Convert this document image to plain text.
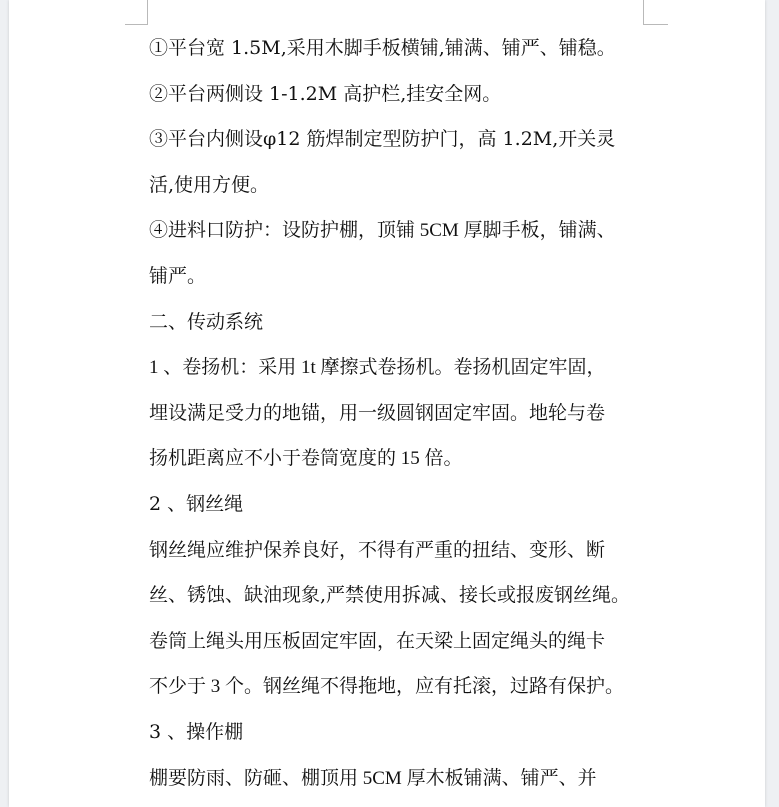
①平台宽 1.5M,采用木脚手板横铺,铺满、铺严、铺稳。

②平台两侧设 1-1.2M 高护栏,挂安全网。

③平台内侧设φ12 筋焊制定型防护门，高 1.2M,开关灵

活,使用方便。

④进料口防护：设防护棚，顶铺 5CM 厚脚手板，铺满、

铺严。

二、传动系统

1 、卷扬机：采用 1t 摩擦式卷扬机。卷扬机固定牢固，

埋设满足受力的地锚，用一级圆钢固定牢固。地轮与卷

扬机距离应不小于卷筒宽度的 15 倍。

2 、钢丝绳

钢丝绳应维护保养良好，不得有严重的扭结、变形、断

丝、锈蚀、缺油现象,严禁使用拆减、接长或报废钢丝绳。

卷筒上绳头用压板固定牢固，在天梁上固定绳头的绳卡

不少于 3 个。钢丝绳不得拖地，应有托滚，过路有保护。

3 、操作棚

棚要防雨、防砸、棚顶用 5CM 厚木板铺满、铺严、并
